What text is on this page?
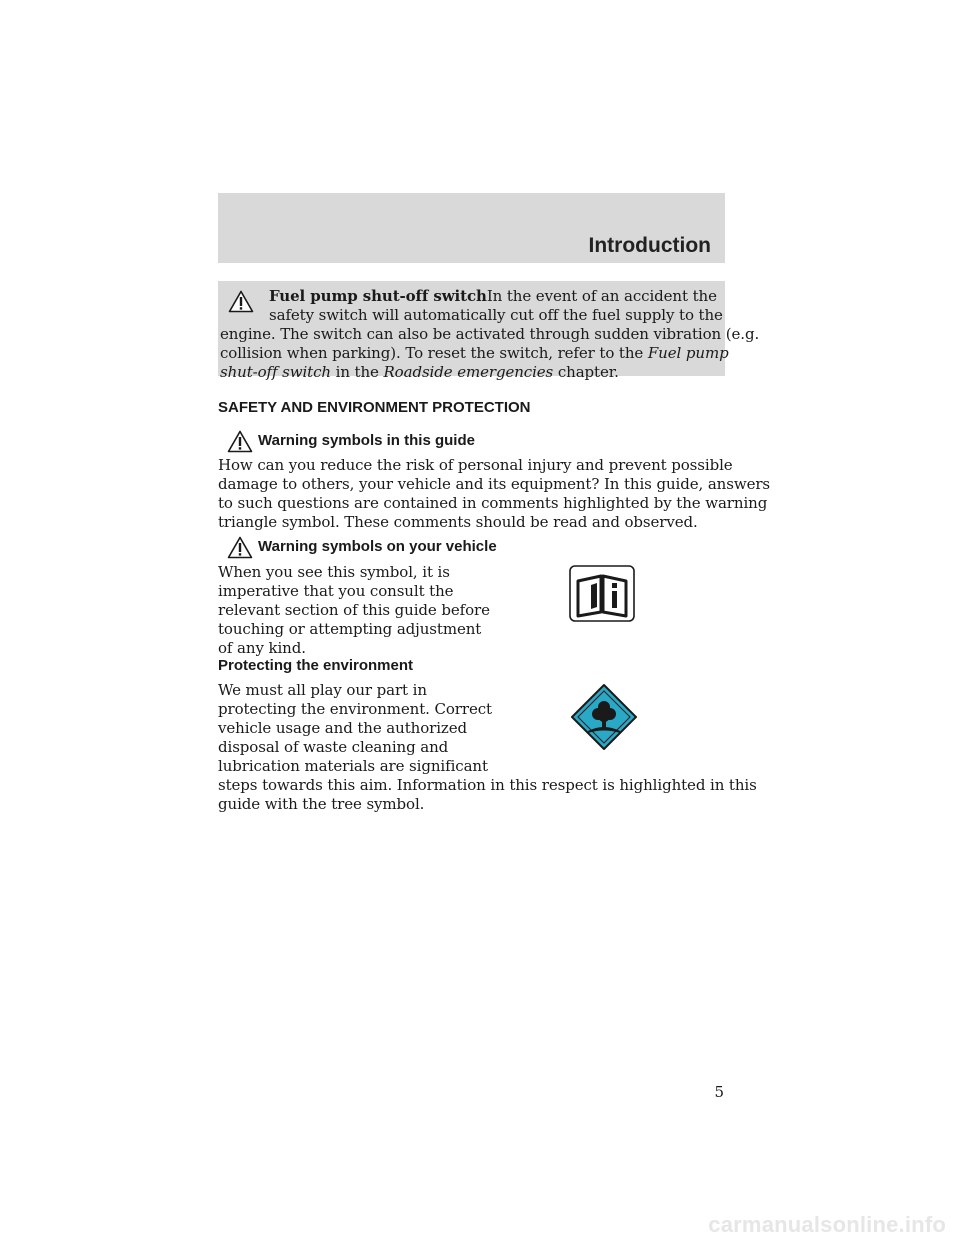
Introduction

Fuel pump shut-off switchIn the event of an accident the

safety switch will automatically cut off the fuel supply to the

engine. The switch can also be activated through sudden vibration (e.g.

collision when parking). To reset the switch, refer to the Fuel pump

shut-off switch in the Roadside emergencies chapter.

SAFETY AND ENVIRONMENT PROTECTION

Warning symbols in this guide

How can you reduce the risk of personal injury and prevent possible

damage to others, your vehicle and its equipment? In this guide, answers

to such questions are contained in comments highlighted by the warning

triangle symbol. These comments should be read and observed.

Warning symbols on your vehicle

When you see this symbol, it is

imperative that you consult the

relevant section of this guide before

touching or attempting adjustment

of any kind.

Protecting the environment

We must all play our part in

protecting the environment. Correct

vehicle usage and the authorized

disposal of waste cleaning and

lubrication materials are significant

steps towards this aim. Information in this respect is highlighted in this

guide with the tree symbol.

5
carmanualsonline.info
